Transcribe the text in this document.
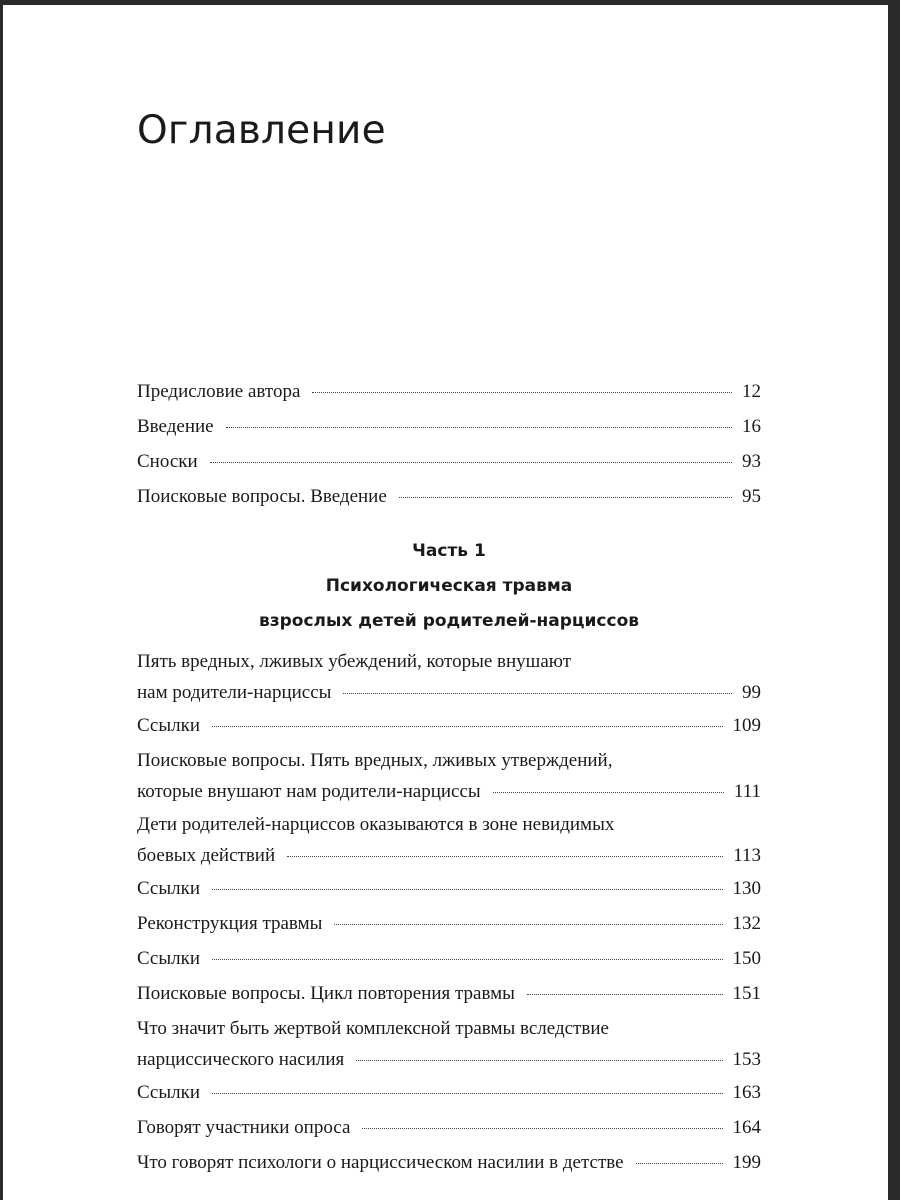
Оглавление
Предисловие автора	12
Введение	16
Сноски	93
Поисковые вопросы. Введение	95
Часть 1
Психологическая травма
взрослых детей родителей-нарциссов
Пять вредных, лживых убеждений, которые внушают
нам родители-нарциссы	99
Ссылки	109
Поисковые вопросы. Пять вредных, лживых утверждений,
которые внушают нам родители-нарциссы	111
Дети родителей-нарциссов оказываются в зоне невидимых
боевых действий	113
Ссылки	130
Реконструкция травмы	132
Ссылки	150
Поисковые вопросы. Цикл повторения травмы	151
Что значит быть жертвой комплексной травмы вследствие
нарциссического насилия	153
Ссылки	163
Говорят участники опроса	164
Что говорят психологи о нарциссическом насилии в детстве	199
